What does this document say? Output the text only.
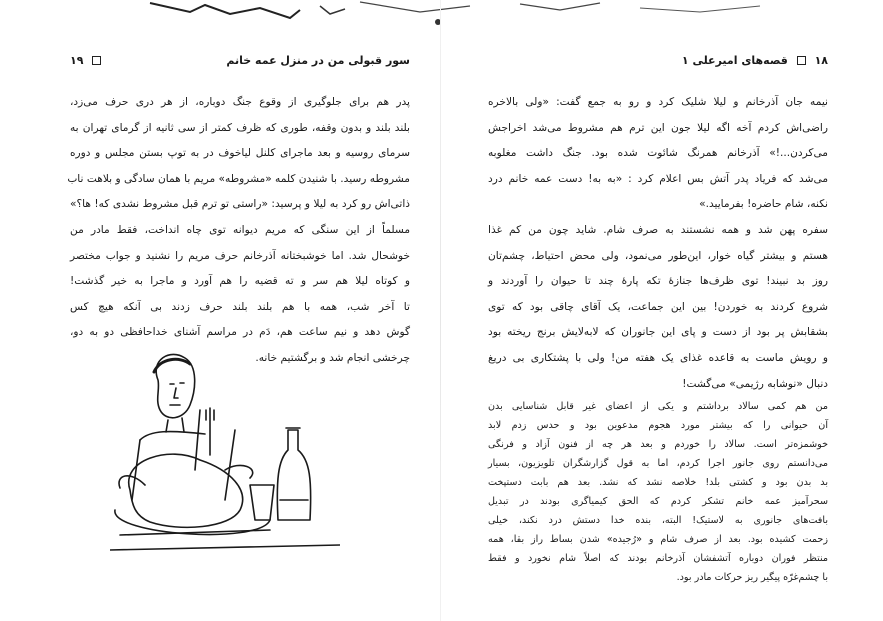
سور قبولی من در منزل عمه خانم
۱۹
پدر هم برای جلوگیری از وقوع جنگ دوباره، از هر دری حرف می‌زد،
بلند بلند و بدون وقفه، طوری که ظرف کمتر از سی ثانیه از گرمای تهران به
سرمای روسیه و بعد ماجرای کلنل لیاخوف در به توپ بستن مجلس و دوره
مشروطه رسید. با شنیدن کلمه «مشروطه» مریم با همان سادگی و بلاهت ناب
ذاتی‌اش رو کرد به لیلا و پرسید: «راستی تو ترم قبل مشروط نشدی که! ها؟»
مسلماً از این سنگی که مریم دیوانه توی چاه انداخت، فقط مادر من
خوشحال شد. اما خوشبختانه آذرخانم حرف مریم را نشنید و جواب مختصر
و کوتاه لیلا هم سر و ته قضیه را هم آورد و ماجرا به خیر گذشت!
تا آخر شب، همه با هم بلند بلند حرف زدند بی آنکه هیچ کس
گوش دهد و نیم ساعت هم، دَم در مراسم آشنای خداحافظی دو به دو،
چرخشی انجام شد و برگشتیم خانه.
۱۸  قصه‌های امیرعلی ۱
نیمه جان آذرخانم و لیلا شلیک کرد و رو به جمع گفت: «ولی بالاخره
راضی‌اش کردم آخه اگه لیلا جون این ترم هم مشروط می‌شد اخراجش
می‌کردن...!» آذرخانم همرنگ شائوت شده بود. جنگ داشت مغلوبه
می‌شد که فریاد پدر آتش بس اعلام کرد : «به به! دست عمه خانم درد
نکنه، شام حاضره! بفرمایید.»
سفره پهن شد و همه نشستند به صرف شام. شاید چون من کم غذا
هستم و بیشتر گیاه خوار، این‌طور می‌نمود، ولی محض احتیاط، چشم‌تان
روز بد نبیند! توی ظرف‌ها جنازهٔ تکه پارهٔ چند تا حیوان را آوردند و
شروع کردند به خوردن! بین این جماعت، یک آقای چاقی بود که توی
بشقابش پر بود از دست و پای این جانوران که لابه‌لایش برنج ریخته بود
و رویش ماست به قاعده غذای یک هفته من! ولی با پشتکاری بی دریغ
دنبال «نوشابه رژیمی» می‌گشت!
من هم کمی سالاد برداشتم و یکی از اعضای غیر قابل شناسایی بدن
آن حیوانی را که بیشتر مورد هجوم مدعوین بود و حدس زدم لابد
خوشمزه‌تر است. سالاد را خوردم و بعد هر چه از فنون آزاد و فرنگی
می‌دانستم روی جانور اجرا کردم، اما به قول گزارشگران تلویزیون، بسیار
بد بدن بود و کشتی بلد! خلاصه نشد که نشد. بعد هم بابت دستپخت
سحرآمیز عمه خانم تشکر کردم که الحق کیمیاگری بودند در تبدیل
بافت‌های جانوری به لاستیک! البته، بنده خدا دستش درد نکند، خیلی
زحمت کشیده بود. بعد از صرف شام و «رُجیده» شدن بساط راز بقا، همه
منتظر فوران دوباره آتشفشان آذرخانم بودند که اصلاً شام نخورد و فقط
با چشم‌غرّه پیگیر ریز حرکات مادر بود.
